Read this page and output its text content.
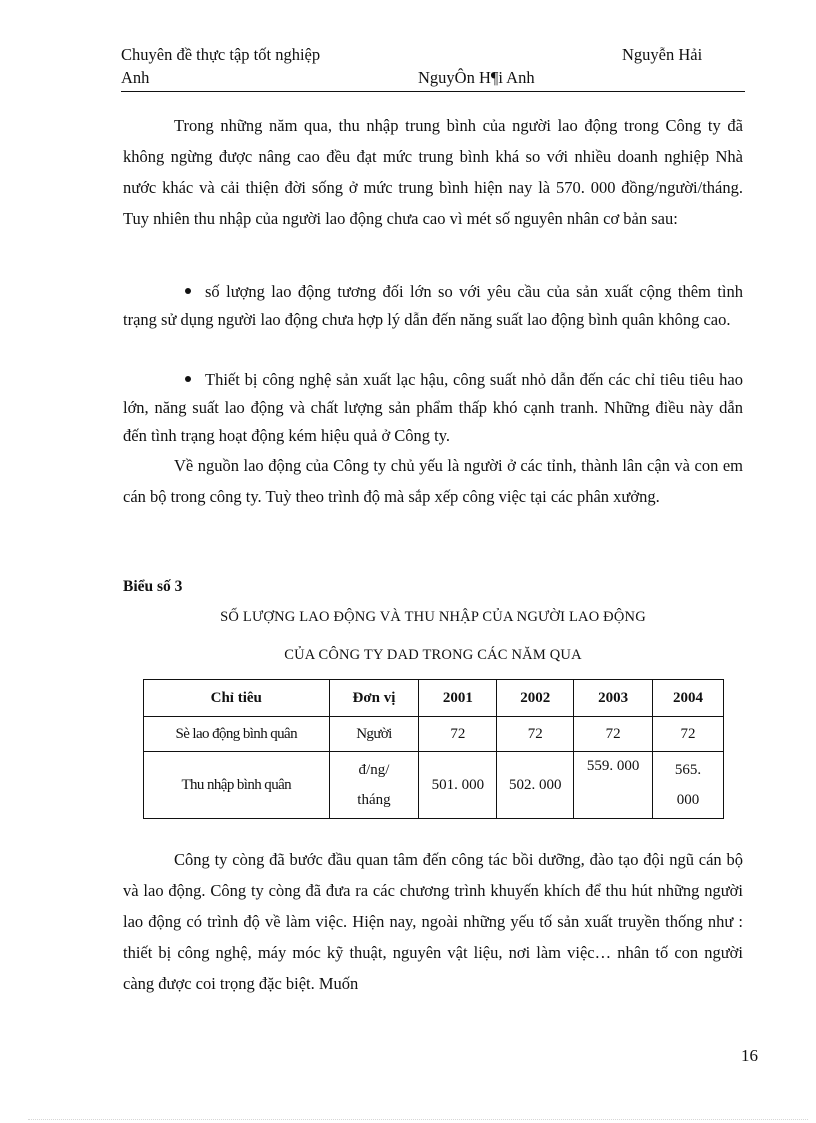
Chuyên đề thực tập tốt nghiệp	Nguyễn Hải
Anh	NguyÔn H¶i Anh

Trong những năm qua, thu nhập trung bình của người lao động trong Công ty đã không ngừng được nâng cao đều đạt mức trung bình khá so với nhiều doanh nghiệp Nhà nước khác và cải thiện đời sống ở mức trung bình hiện nay là 570. 000 đồng/người/tháng. Tuy nhiên thu nhập của người lao động chưa cao vì mét số nguyên nhân cơ bản sau:

số lượng lao động tương đối lớn so với yêu cầu của sản xuất cộng thêm tình trạng sử dụng người lao động chưa hợp lý dẫn đến năng suất lao động bình quân không cao.

Thiết bị công nghệ sản xuất lạc hậu, công suất nhỏ dẫn đến các chỉ tiêu tiêu hao lớn, năng suất lao động và chất lượng sản phẩm thấp khó cạnh tranh. Những điều này dẫn đến tình trạng hoạt động kém hiệu quả ở Công ty.

Về nguồn lao động của Công ty chủ yếu là người ở các tỉnh, thành lân cận và con em cán bộ trong công ty. Tuỳ theo trình độ mà sắp xếp công việc tại các phân xưởng.

Biểu số 3
SỐ LƯỢNG LAO ĐỘNG VÀ THU NHẬP CỦA NGƯỜI LAO ĐỘNG
CỦA CÔNG TY DAD TRONG CÁC NĂM QUA
Chỉ tiêu	Đơn vị	2001	2002	2003	2004
Sè lao động bình quân	Người	72	72	72	72
Thu nhập bình quân	đ/ng/ tháng	501. 000	502. 000	559. 000	565. 000

Công ty còng đã bước đầu quan tâm đến công tác bồi dưỡng, đào tạo đội ngũ cán bộ và lao động. Công ty còng đã đưa ra các chương trình khuyến khích để thu hút những người lao động có trình độ về làm việc. Hiện nay, ngoài những yếu tố sản xuất truyền thống như : thiết bị công nghệ, máy móc kỹ thuật, nguyên vật liệu, nơi làm việc… nhân tố con người càng được coi trọng đặc biệt. Muốn

16
